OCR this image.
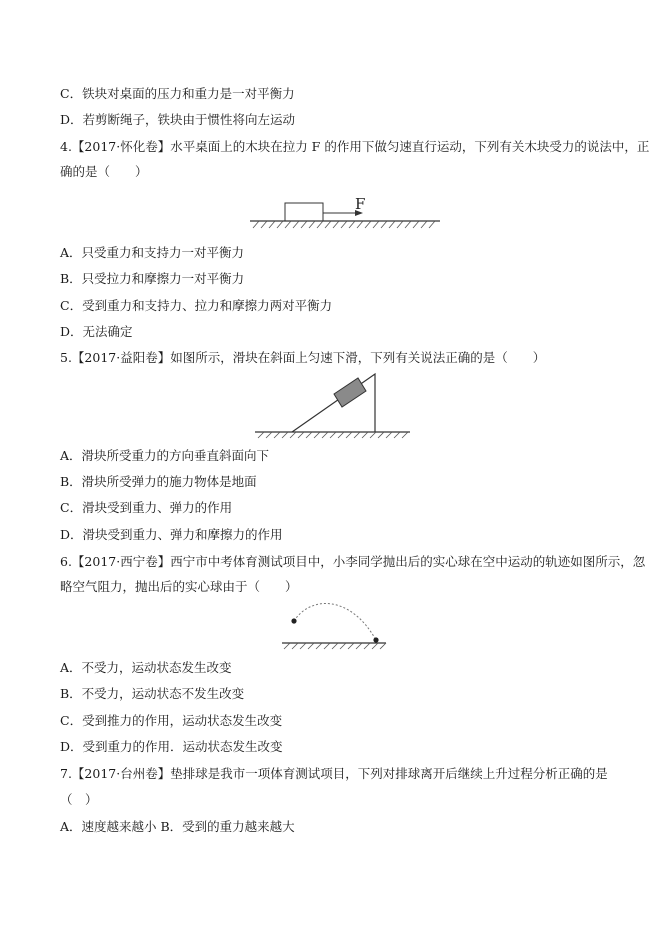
C．铁块对桌面的压力和重力是一对平衡力
D．若剪断绳子，铁块由于惯性将向左运动
4.【2017·怀化卷】水平桌面上的木块在拉力 F 的作用下做匀速直行运动，下列有关木块受力的说法中，正
确的是（　　）
F
A．只受重力和支持力一对平衡力
B．只受拉力和摩擦力一对平衡力
C．受到重力和支持力、拉力和摩擦力两对平衡力
D．无法确定
5.【2017·益阳卷】如图所示，滑块在斜面上匀速下滑，下列有关说法正确的是（　　）
A．滑块所受重力的方向垂直斜面向下
B．滑块所受弹力的施力物体是地面
C．滑块受到重力、弹力的作用
D．滑块受到重力、弹力和摩擦力的作用
6.【2017·西宁卷】西宁市中考体育测试项目中，小李同学抛出后的实心球在空中运动的轨迹如图所示，忽
略空气阻力，抛出后的实心球由于（　　）
A．不受力，运动状态发生改变
B．不受力，运动状态不发生改变
C．受到推力的作用，运动状态发生改变
D．受到重力的作用．运动状态发生改变
7.【2017·台州卷】垫排球是我市一项体育测试项目，下列对排球离开后继续上升过程分析正确的是
（　）
A．速度越来越小 B．受到的重力越来越大
